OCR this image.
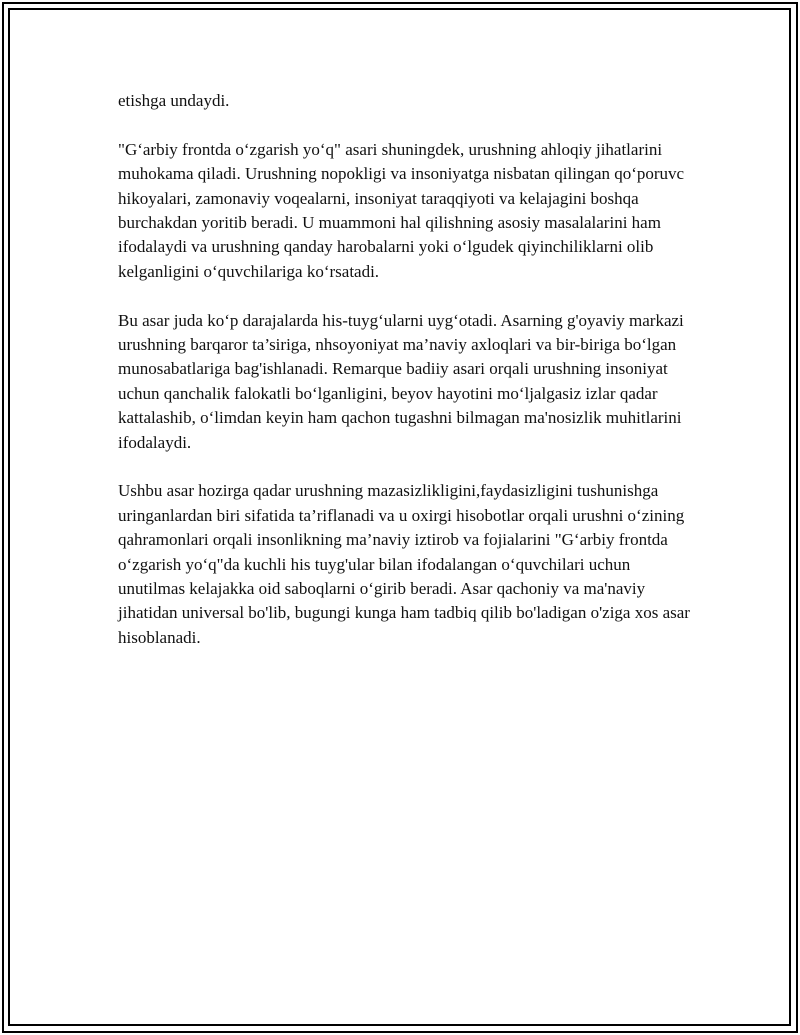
etishga undaydi.

"G‘arbiy frontda o‘zgarish yo‘q" asari shuningdek, urushning ahloqiy jihatlarini muhokama qiladi. Urushning nopokligi va insoniyatga nisbatan qilingan qo‘poruvc hikoyalari, zamonaviy voqealarni, insoniyat taraqqiyoti va kelajagini boshqa burchakdan yoritib beradi. U muammoni hal qilishning asosiy masalalarini ham ifodalaydi va urushning qanday harobalarni yoki o‘lgudek qiyinchiliklarni olib kelganligini o‘quvchilariga ko‘rsatadi.

Bu asar juda ko‘p darajalarda his-tuyg‘ularni uyg‘otadi. Asarning g'oyaviy markazi urushning barqaror ta’siriga, nhsoyoniyat ma’naviy axloqlari va bir-biriga bo‘lgan munosabatlariga bag'ishlanadi. Remarque badiiy asari orqali urushning insoniyat uchun qanchalik falokatli bo‘lganligini, beyov hayotini mo‘ljalgasiz izlar qadar kattalashib, o‘limdan keyin ham qachon tugashni bilmagan ma'nosizlik muhitlarini ifodalaydi.

Ushbu asar hozirga qadar urushning mazasizlikligini,faydasizligini tushunishga uringanlardan biri sifatida ta’riflanadi va u oxirgi hisobotlar orqali urushni o‘zining qahramonlari orqali insonlikning ma’naviy iztirob va fojialarini "G‘arbiy frontda o‘zgarish yo‘q"da kuchli his tuyg'ular bilan ifodalangan o‘quvchilari uchun unutilmas kelajakka oid saboqlarni o‘girib beradi. Asar qachoniy va ma'naviy jihatidan universal bo'lib, bugungi kunga ham tadbiq qilib bo'ladigan o'ziga xos asar hisoblanadi.
